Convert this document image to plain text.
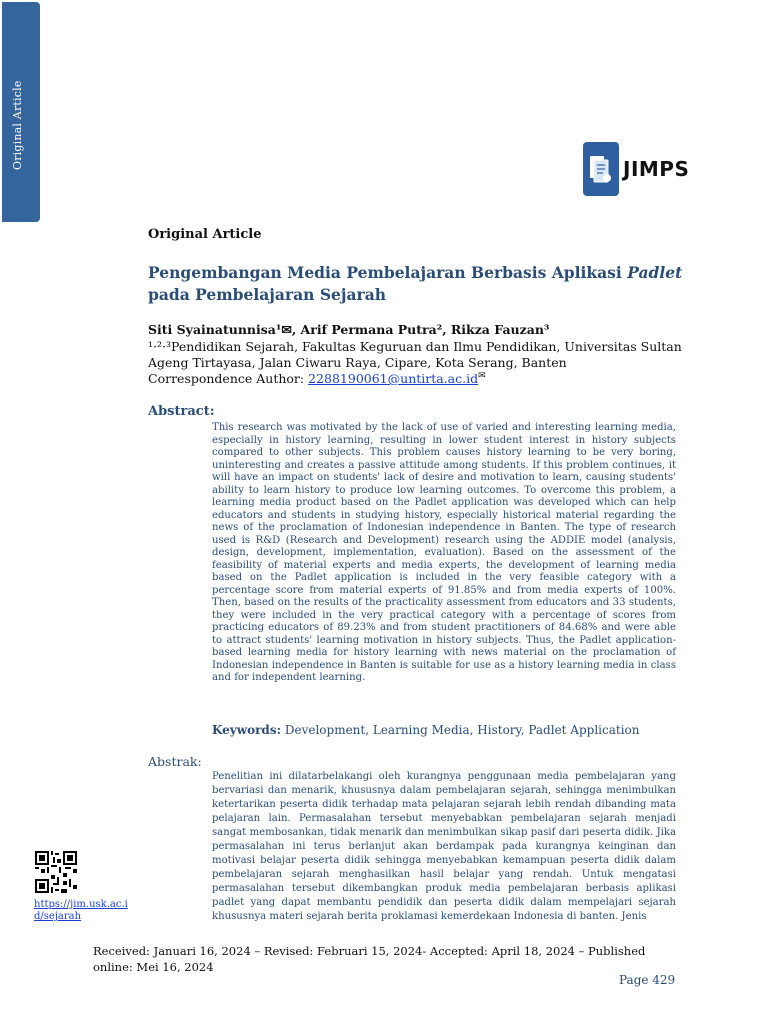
Original Article	JIMPS
Original Article
Pengembangan Media Pembelajaran Berbasis Aplikasi Padlet
pada Pembelajaran Sejarah
Siti Syainatunnisa¹✉, Arif Permana Putra², Rikza Fauzan³
¹·²·³Pendidikan Sejarah, Fakultas Keguruan dan Ilmu Pendidikan, Universitas Sultan Ageng Tirtayasa, Jalan Ciwaru Raya, Cipare, Kota Serang, Banten
Correspondence Author: 2288190061@untirta.ac.id✉
Abstract:
This research was motivated by the lack of use of varied and interesting learning media, especially in history learning, resulting in lower student interest in history subjects compared to other subjects. This problem causes history learning to be very boring, uninteresting and creates a passive attitude among students. If this problem continues, it will have an impact on students' lack of desire and motivation to learn, causing students' ability to learn history to produce low learning outcomes. To overcome this problem, a learning media product based on the Padlet application was developed which can help educators and students in studying history, especially historical material regarding the news of the proclamation of Indonesian independence in Banten. The type of research used is R&D (Research and Development) research using the ADDIE model (analysis, design, development, implementation, evaluation). Based on the assessment of the feasibility of material experts and media experts, the development of learning media based on the Padlet application is included in the very feasible category with a percentage score from material experts of 91.85% and from media experts of 100%. Then, based on the results of the practicality assessment from educators and 33 students, they were included in the very practical category with a percentage of scores from practicing educators of 89.23% and from student practitioners of 84.68% and were able to attract students' learning motivation in history subjects. Thus, the Padlet application-based learning media for history learning with news material on the proclamation of Indonesian independence in Banten is suitable for use as a history learning media in class and for independent learning.
Keywords: Development, Learning Media, History, Padlet Application
Abstrak:
Penelitian ini dilatarbelakangi oleh kurangnya penggunaan media pembelajaran yang bervariasi dan menarik, khususnya dalam pembelajaran sejarah, sehingga menimbulkan ketertarikan peserta didik terhadap mata pelajaran sejarah lebih rendah dibanding mata pelajaran lain. Permasalahan tersebut menyebabkan pembelajaran sejarah menjadi sangat membosankan, tidak menarik dan menimbulkan sikap pasif dari peserta didik. Jika permasalahan ini terus berlanjut akan berdampak pada kurangnya keinginan dan motivasi belajar peserta didik sehingga menyebabkan kemampuan peserta didik dalam pembelajaran sejarah menghasilkan hasil belajar yang rendah. Untuk mengatasi permasalahan tersebut dikembangkan produk media pembelajaran berbasis aplikasi padlet yang dapat membantu pendidik dan peserta didik dalam mempelajari sejarah khususnya materi sejarah berita proklamasi kemerdekaan Indonesia di banten. Jenis
https://jim.usk.ac.i
d/sejarah
Received: Januari 16, 2024 – Revised: Februari 15, 2024- Accepted: April 18, 2024 – Published online: Mei 16, 2024
Page 429
